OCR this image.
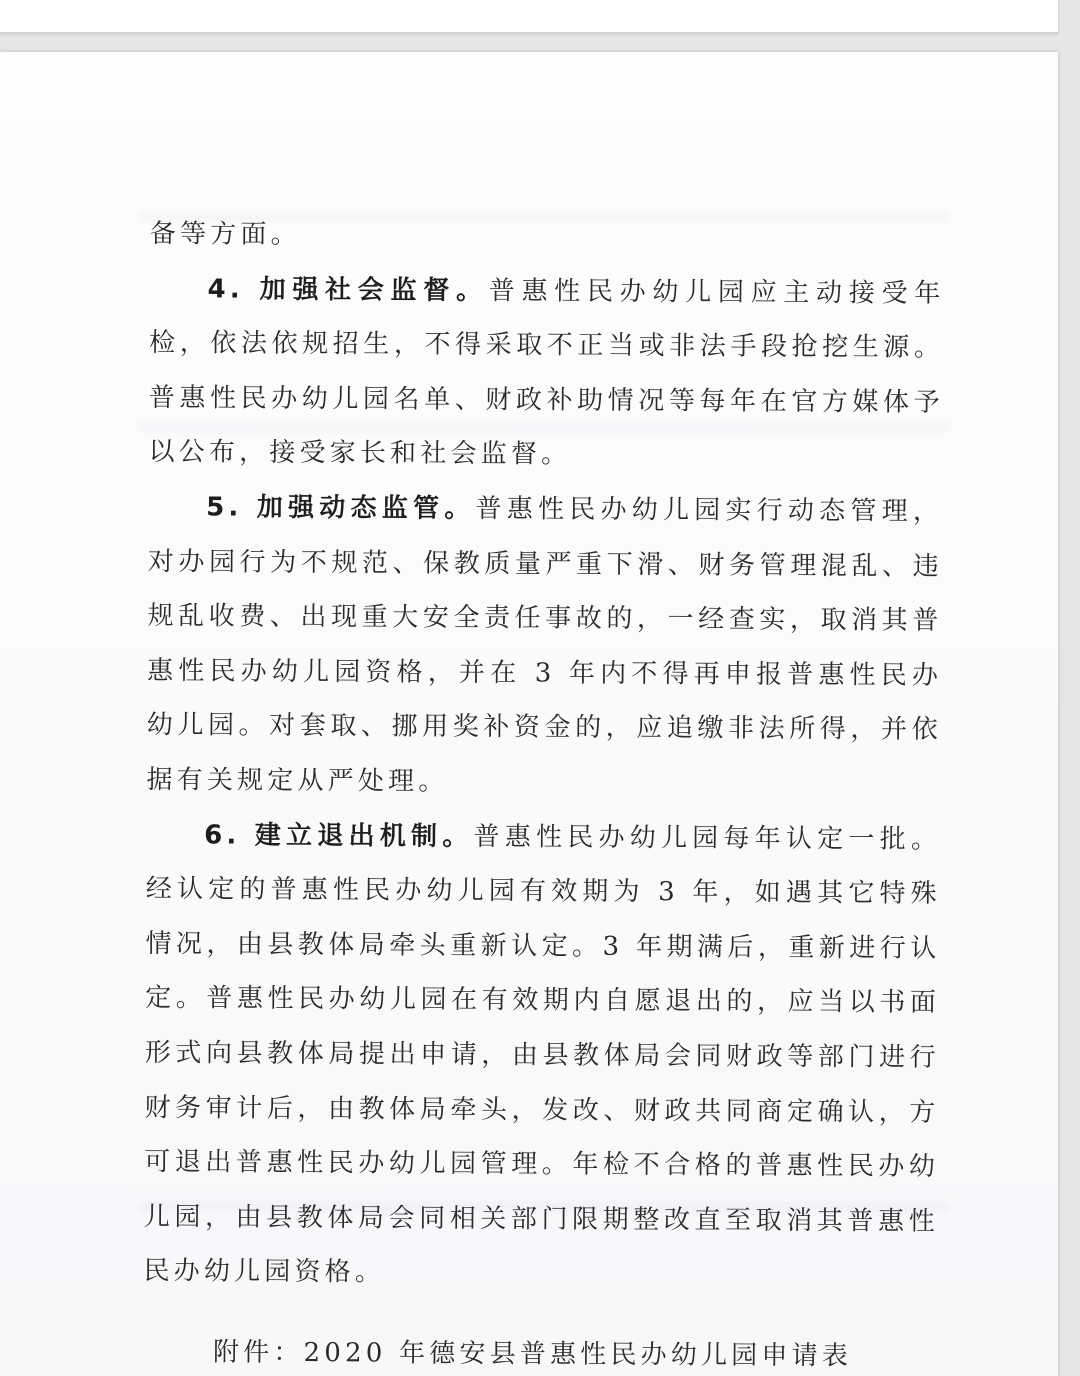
备等方面。

4. 加强社会监督。普惠性民办幼儿园应主动接受年检，依法依规招生，不得采取不正当或非法手段抢挖生源。普惠性民办幼儿园名单、财政补助情况等每年在官方媒体予以公布，接受家长和社会监督。

5. 加强动态监管。普惠性民办幼儿园实行动态管理，对办园行为不规范、保教质量严重下滑、财务管理混乱、违规乱收费、出现重大安全责任事故的，一经查实，取消其普惠性民办幼儿园资格，并在 3 年内不得再申报普惠性民办幼儿园。对套取、挪用奖补资金的，应追缴非法所得，并依据有关规定从严处理。

6. 建立退出机制。普惠性民办幼儿园每年认定一批。经认定的普惠性民办幼儿园有效期为 3 年，如遇其它特殊情况，由县教体局牵头重新认定。3 年期满后，重新进行认定。普惠性民办幼儿园在有效期内自愿退出的，应当以书面形式向县教体局提出申请，由县教体局会同财政等部门进行财务审计后，由教体局牵头，发改、财政共同商定确认，方可退出普惠性民办幼儿园管理。年检不合格的普惠性民办幼儿园，由县教体局会同相关部门限期整改直至取消其普惠性民办幼儿园资格。

附件：2020 年德安县普惠性民办幼儿园申请表
